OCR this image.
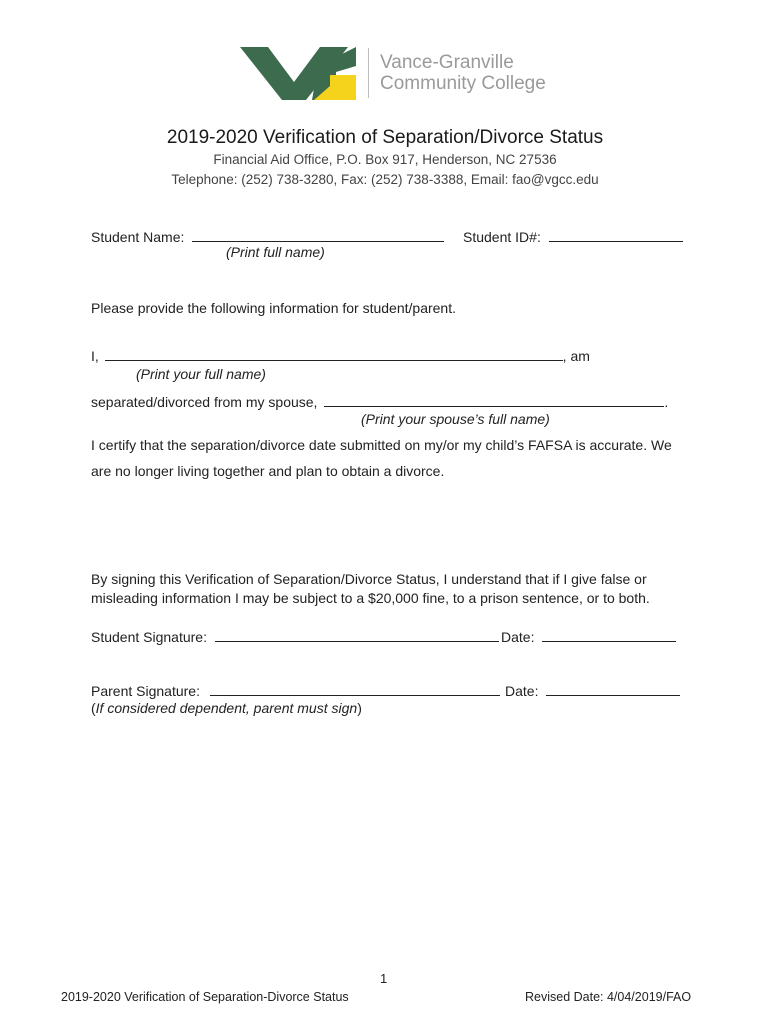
Vance-Granville
Community College
2019-2020 Verification of Separation/Divorce Status
Financial Aid Office, P.O. Box 917, Henderson, NC 27536
Telephone: (252) 738-3280, Fax: (252) 738-3388, Email: fao@vgcc.edu
Student Name:
(Print full name)
Student ID#:
Please provide the following information for student/parent.
I,	, am
(Print your full name)
separated/divorced from my spouse,	.
(Print your spouse’s full name)
I certify that the separation/divorce date submitted on my/or my child’s FAFSA is accurate. We
are no longer living together and plan to obtain a divorce.
By signing this Verification of Separation/Divorce Status, I understand that if I give false or
misleading information I may be subject to a $20,000 fine, to a prison sentence, or to both.
Student Signature:	Date:
Parent Signature:	Date:
(If considered dependent, parent must sign)
1
2019-2020 Verification of Separation-Divorce Status	Revised Date: 4/04/2019/FAO
